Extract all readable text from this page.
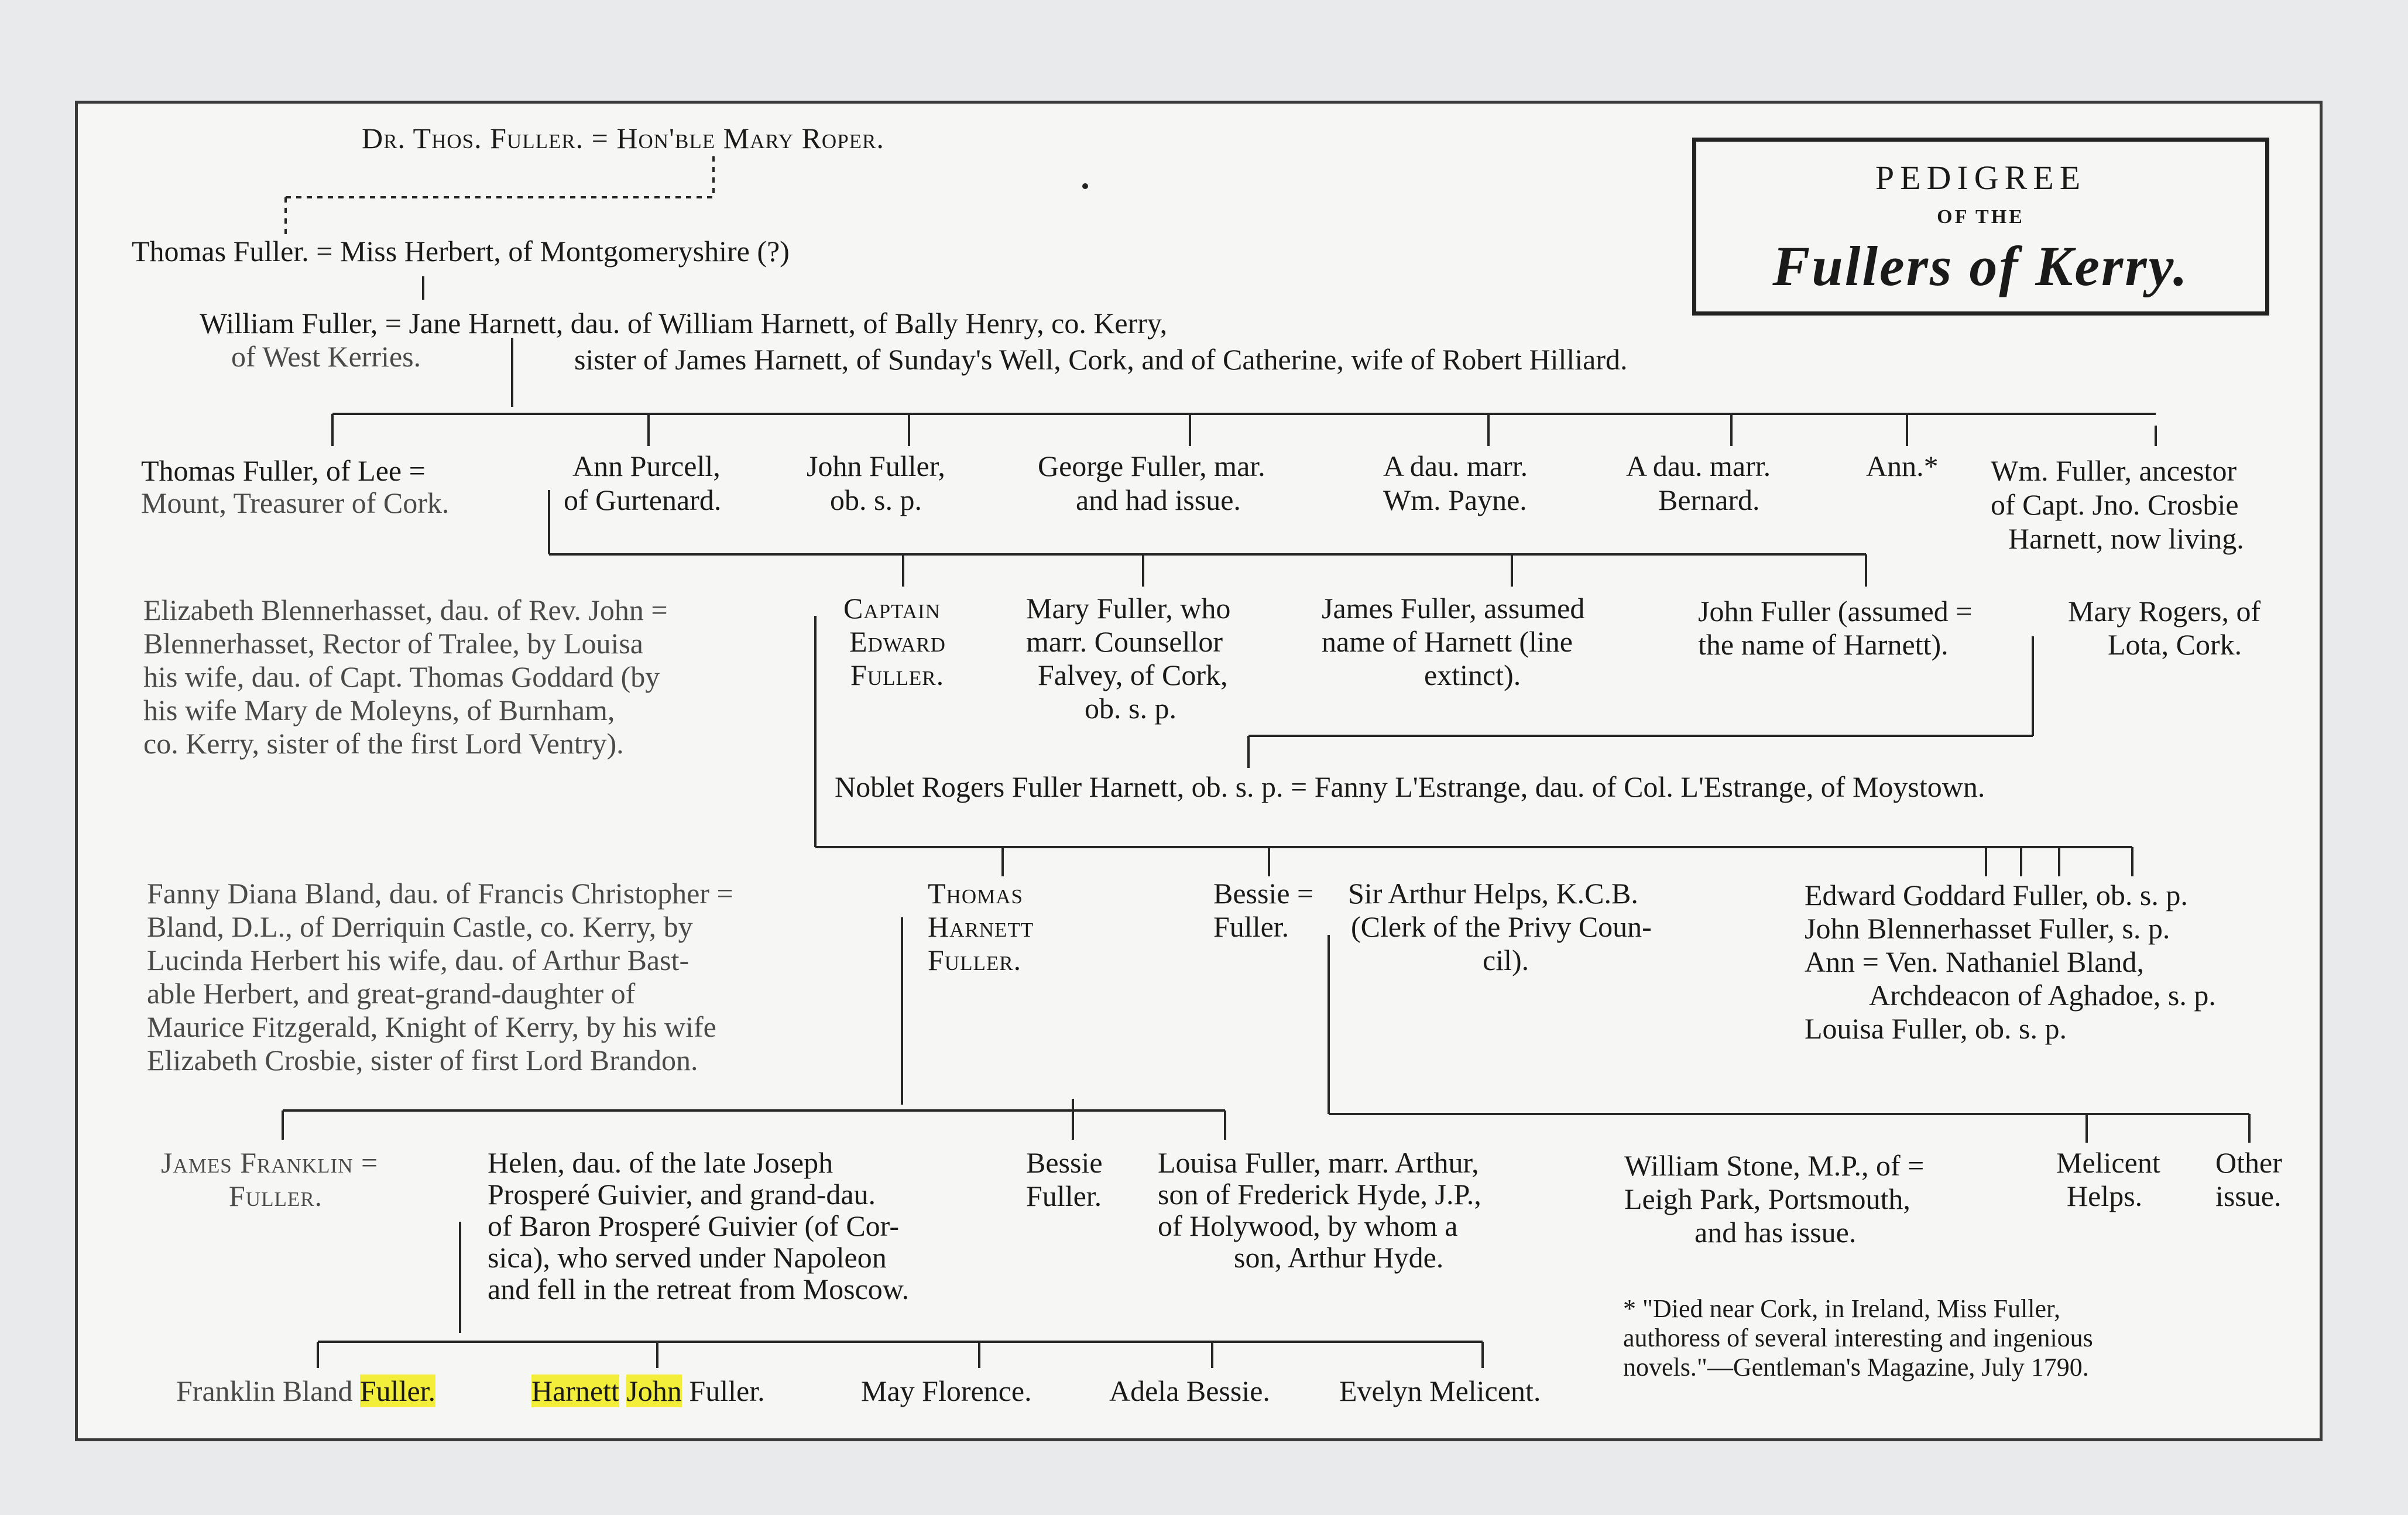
PEDIGREE
OF THE
Fullers of Kerry.
Dr. Thos. Fuller. = Hon'ble Mary Roper.
Thomas Fuller. = Miss Herbert, of Montgomeryshire (?)
William Fuller, = Jane Harnett, dau. of William Harnett, of Bally Henry, co. Kerry,
of West Kerries.	sister of James Harnett, of Sunday's Well, Cork, and of Catherine, wife of Robert Hilliard.
Thomas Fuller, of Lee =
Mount, Treasurer of Cork.
Ann Purcell,
of Gurtenard.
John Fuller,
ob. s. p.
George Fuller, mar.
and had issue.
A dau. marr.
Wm. Payne.
A dau. marr.
Bernard.
Ann.* Wm. Fuller, ancestor
of Capt. Jno. Crosbie
Harnett, now living.
Elizabeth Blennerhasset, dau. of Rev. John =
Blennerhasset, Rector of Tralee, by Louisa
his wife, dau. of Capt. Thomas Goddard (by
his wife Mary de Moleyns, of Burnham,
co. Kerry, sister of the first Lord Ventry).
Captain
Edward
Fuller.
Mary Fuller, who
marr. Counsellor
Falvey, of Cork,
ob. s. p.
James Fuller, assumed
name of Harnett (line
extinct).
John Fuller (assumed =
the name of Harnett).
Mary Rogers, of
Lota, Cork.
Noblet Rogers Fuller Harnett, ob. s. p. = Fanny L'Estrange, dau. of Col. L'Estrange, of Moystown.
Fanny Diana Bland, dau. of Francis Christopher =
Bland, D.L., of Derriquin Castle, co. Kerry, by
Lucinda Herbert his wife, dau. of Arthur Bast-
able Herbert, and great-grand-daughter of
Maurice Fitzgerald, Knight of Kerry, by his wife
Elizabeth Crosbie, sister of first Lord Brandon.
Thomas
Harnett
Fuller.
Bessie =
Fuller.
Sir Arthur Helps, K.C.B.
(Clerk of the Privy Coun-
cil).
Edward Goddard Fuller, ob. s. p.
John Blennerhasset Fuller, s. p.
Ann = Ven. Nathaniel Bland,
Archdeacon of Aghadoe, s. p.
Louisa Fuller, ob. s. p.
James Franklin =
Fuller.
Helen, dau. of the late Joseph
Prosperé Guivier, and grand-dau.
of Baron Prosperé Guivier (of Cor-
sica), who served under Napoleon
and fell in the retreat from Moscow.
Bessie
Fuller.
Louisa Fuller, marr. Arthur,
son of Frederick Hyde, J.P.,
of Holywood, by whom a
son, Arthur Hyde.
William Stone, M.P., of =
Leigh Park, Portsmouth,
and has issue.
Melicent
Helps.
Other
issue.
* "Died near Cork, in Ireland, Miss Fuller,
authoress of several interesting and ingenious
novels."—Gentleman's Magazine, July 1790.
Franklin Bland Fuller.	Harnett John Fuller.	May Florence.	Adela Bessie. Evelyn Melicent.
